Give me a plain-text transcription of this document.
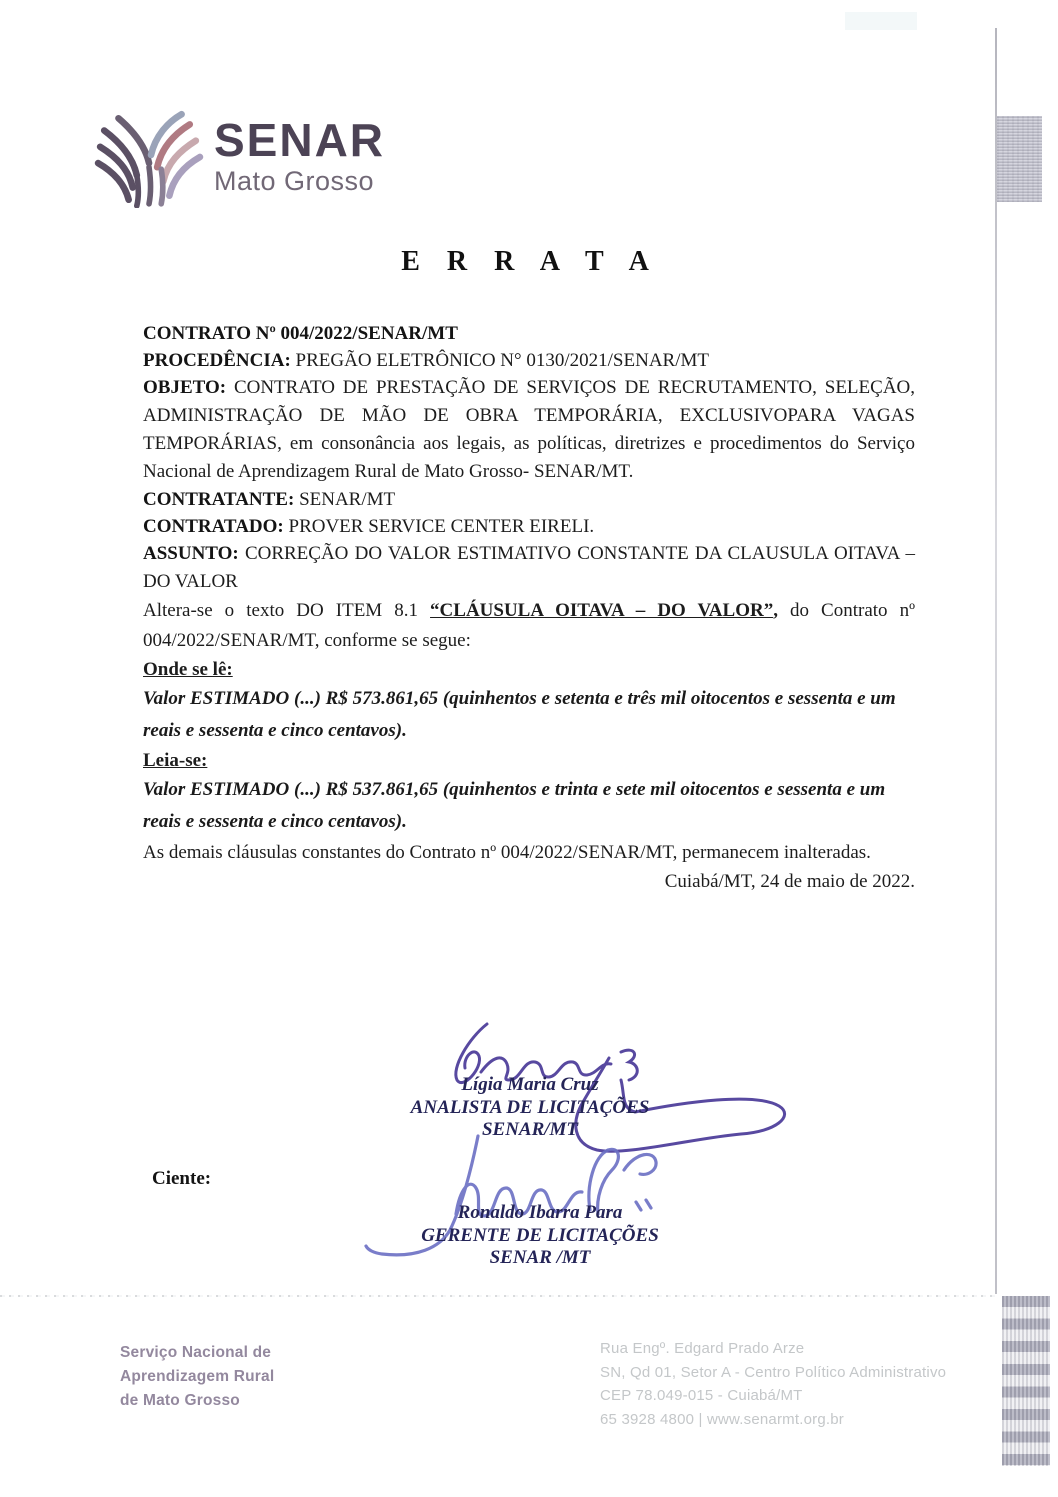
SENAR
Mato Grosso
E R R A T A

CONTRATO Nº 004/2022/SENAR/MT

PROCEDÊNCIA: PREGÃO ELETRÔNICO N° 0130/2021/SENAR/MT

OBJETO: CONTRATO DE PRESTAÇÃO DE SERVIÇOS DE RECRUTAMENTO, SELEÇÃO, ADMINISTRAÇÃO DE MÃO DE OBRA TEMPORÁRIA, EXCLUSIVOPARA VAGAS TEMPORÁRIAS, em consonância aos legais, as políticas, diretrizes e procedimentos do Serviço Nacional de Aprendizagem Rural de Mato Grosso- SENAR/MT.

CONTRATANTE: SENAR/MT

CONTRATADO: PROVER SERVICE CENTER EIRELI.

ASSUNTO: CORREÇÃO DO VALOR ESTIMATIVO CONSTANTE DA CLAUSULA OITAVA – DO VALOR

Altera-se o texto DO ITEM 8.1 “CLÁUSULA OITAVA – DO VALOR”, do Contrato nº 004/2022/SENAR/MT, conforme se segue:

Onde se lê:

Valor ESTIMADO (...) R$ 573.861,65 (quinhentos e setenta e três mil oitocentos e sessenta e um reais e sessenta e cinco centavos).

Leia-se:

Valor ESTIMADO (...) R$ 537.861,65 (quinhentos e trinta e sete mil oitocentos e sessenta e um reais e sessenta e cinco centavos).

As demais cláusulas constantes do Contrato nº 004/2022/SENAR/MT, permanecem inalteradas.

Cuiabá/MT, 24 de maio de 2022.

Lígia Maria Cruz
ANALISTA DE LICITAÇÕES
SENAR/MT
Ciente:
Ronaldo Ibarra Para
GERENTE DE LICITAÇÕES
SENAR /MT
Serviço Nacional de
Aprendizagem Rural
de Mato Grosso
Rua Engº. Edgard Prado Arze
SN, Qd 01, Setor A - Centro Político Administrativo
CEP 78.049-015 - Cuiabá/MT
65 3928 4800 | www.senarmt.org.br
